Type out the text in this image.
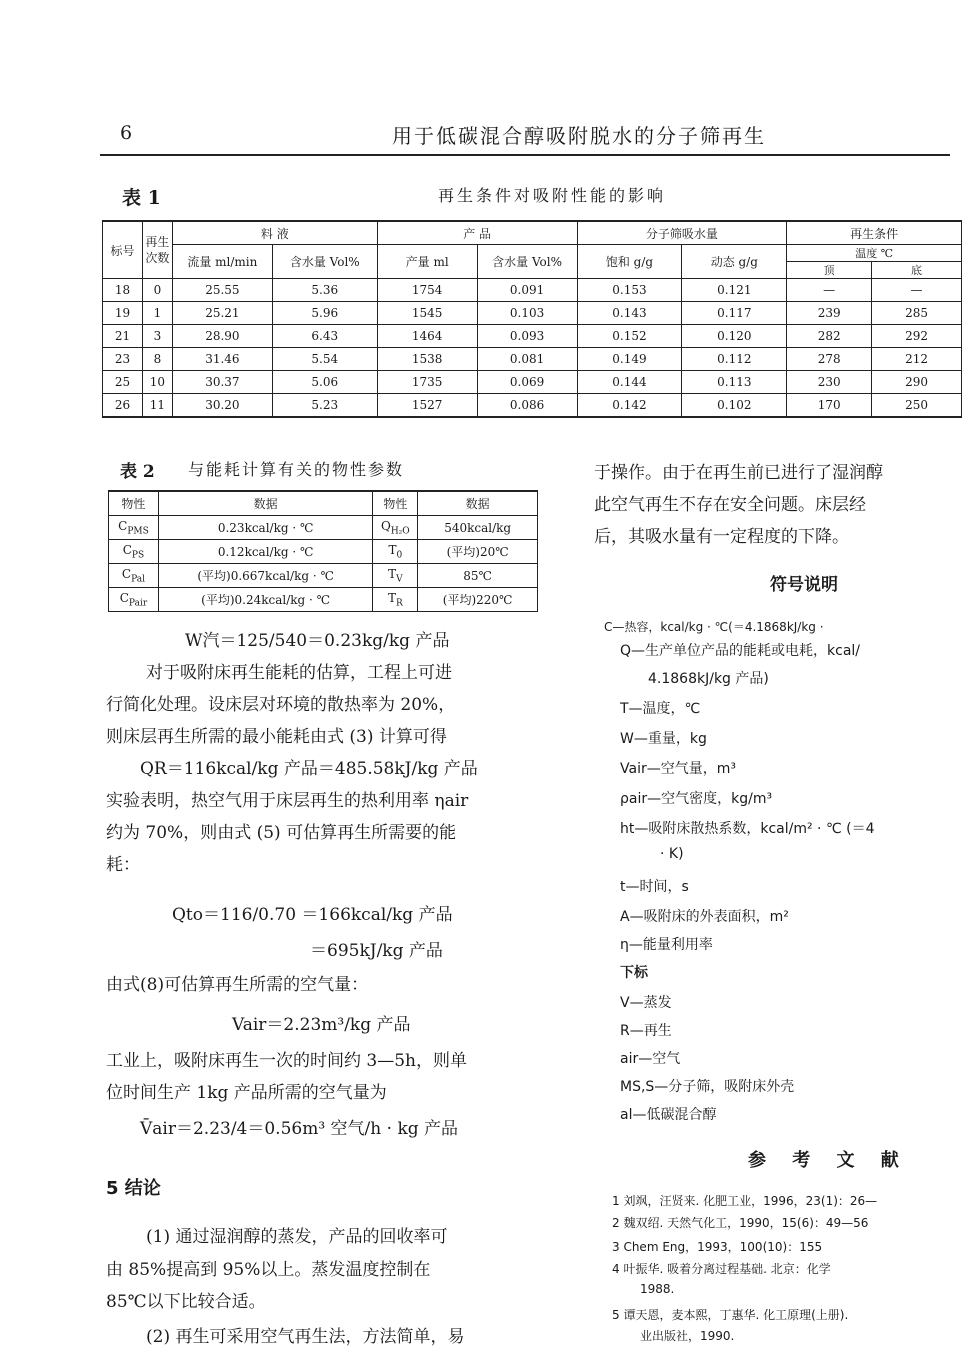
6	用于低碳混合醇吸附脱水的分子筛再生
表 1	再生条件对吸附性能的影响
标号	再生次数	料 液		产 品		分子筛吸水量		再生条件	
		流量 ml/min	含水量 Vol%	产量 ml	含水量 Vol%	饱和 g/g	动态 g/g	温度 ℃	
								顶	底
18	0	25.55	5.36	1754	0.091	0.153	0.121	—	—
19	1	25.21	5.96	1545	0.103	0.143	0.117	239	285
21	3	28.90	6.43	1464	0.093	0.152	0.120	282	292
23	8	31.46	5.54	1538	0.081	0.149	0.112	278	212
25	10	30.37	5.06	1735	0.069	0.144	0.113	230	290
26	11	30.20	5.23	1527	0.086	0.142	0.102	170	250
表 2 与能耗计算有关的物性参数
物性	数据	物性	数据
$C_{PMS}$	0.23kcal/kg · ℃	$Q_{H_2O}$	540kcal/kg
$C_{PS}$	0.12kcal/kg · ℃	$T_0$	(平均)20℃
$C_{Pal}$	(平均)0.667kcal/kg · ℃	$T_V$	85℃
$C_{Pair}$	(平均)0.24kcal/kg · ℃	$T_R$	(平均)220℃
W汽＝125/540＝0.23kg/kg 产品
对于吸附床再生能耗的估算，工程上可进
行简化处理。设床层对环境的散热率为 20%，
则床层再生所需的最小能耗由式 (3) 计算可得
QR＝116kcal/kg 产品＝485.58kJ/kg 产品
实验表明，热空气用于床层再生的热利用率 ηair
约为 70%，则由式 (5) 可估算再生所需要的能
耗：
Qto＝116/0.70 ＝166kcal/kg 产品
＝695kJ/kg 产品
由式(8)可估算再生所需的空气量：
Vair＝2.23m³/kg 产品
工业上，吸附床再生一次的时间约 3—5h，则单
位时间生产 1kg 产品所需的空气量为
V̄air＝2.23/4＝0.56m³ 空气/h · kg 产品
5 结论
(1) 通过湿润醇的蒸发，产品的回收率可
由 85%提高到 95%以上。蒸发温度控制在
85℃以下比较合适。
(2) 再生可采用空气再生法，方法简单，易
于操作。由于在再生前已进行了湿润醇
此空气再生不存在安全问题。床层经
后，其吸水量有一定程度的下降。
符号说明
C—热容，kcal/kg · ℃(＝4.1868kJ/kg ·
Q—生产单位产品的能耗或电耗，kcal/
4.1868kJ/kg 产品)
T—温度，℃
W—重量，kg
Vair—空气量，m³
ρair—空气密度，kg/m³
ht—吸附床散热系数，kcal/m² · ℃ (＝4
· K)
t—时间，s
A—吸附床的外表面积，m²
η—能量利用率
下标
V—蒸发
R—再生
air—空气
MS,S—分子筛，吸附床外壳
al—低碳混合醇
参 考 文 献
1 刘飒，汪贤来. 化肥工业，1996，23(1)：26—
2 魏双绍. 天然气化工，1990，15(6)：49—56
3 Chem Eng，1993，100(10)：155
4 叶振华. 吸着分离过程基础. 北京：化学
1988.
5 谭天恩，麦本熙，丁惠华. 化工原理(上册).
业出版社，1990.
